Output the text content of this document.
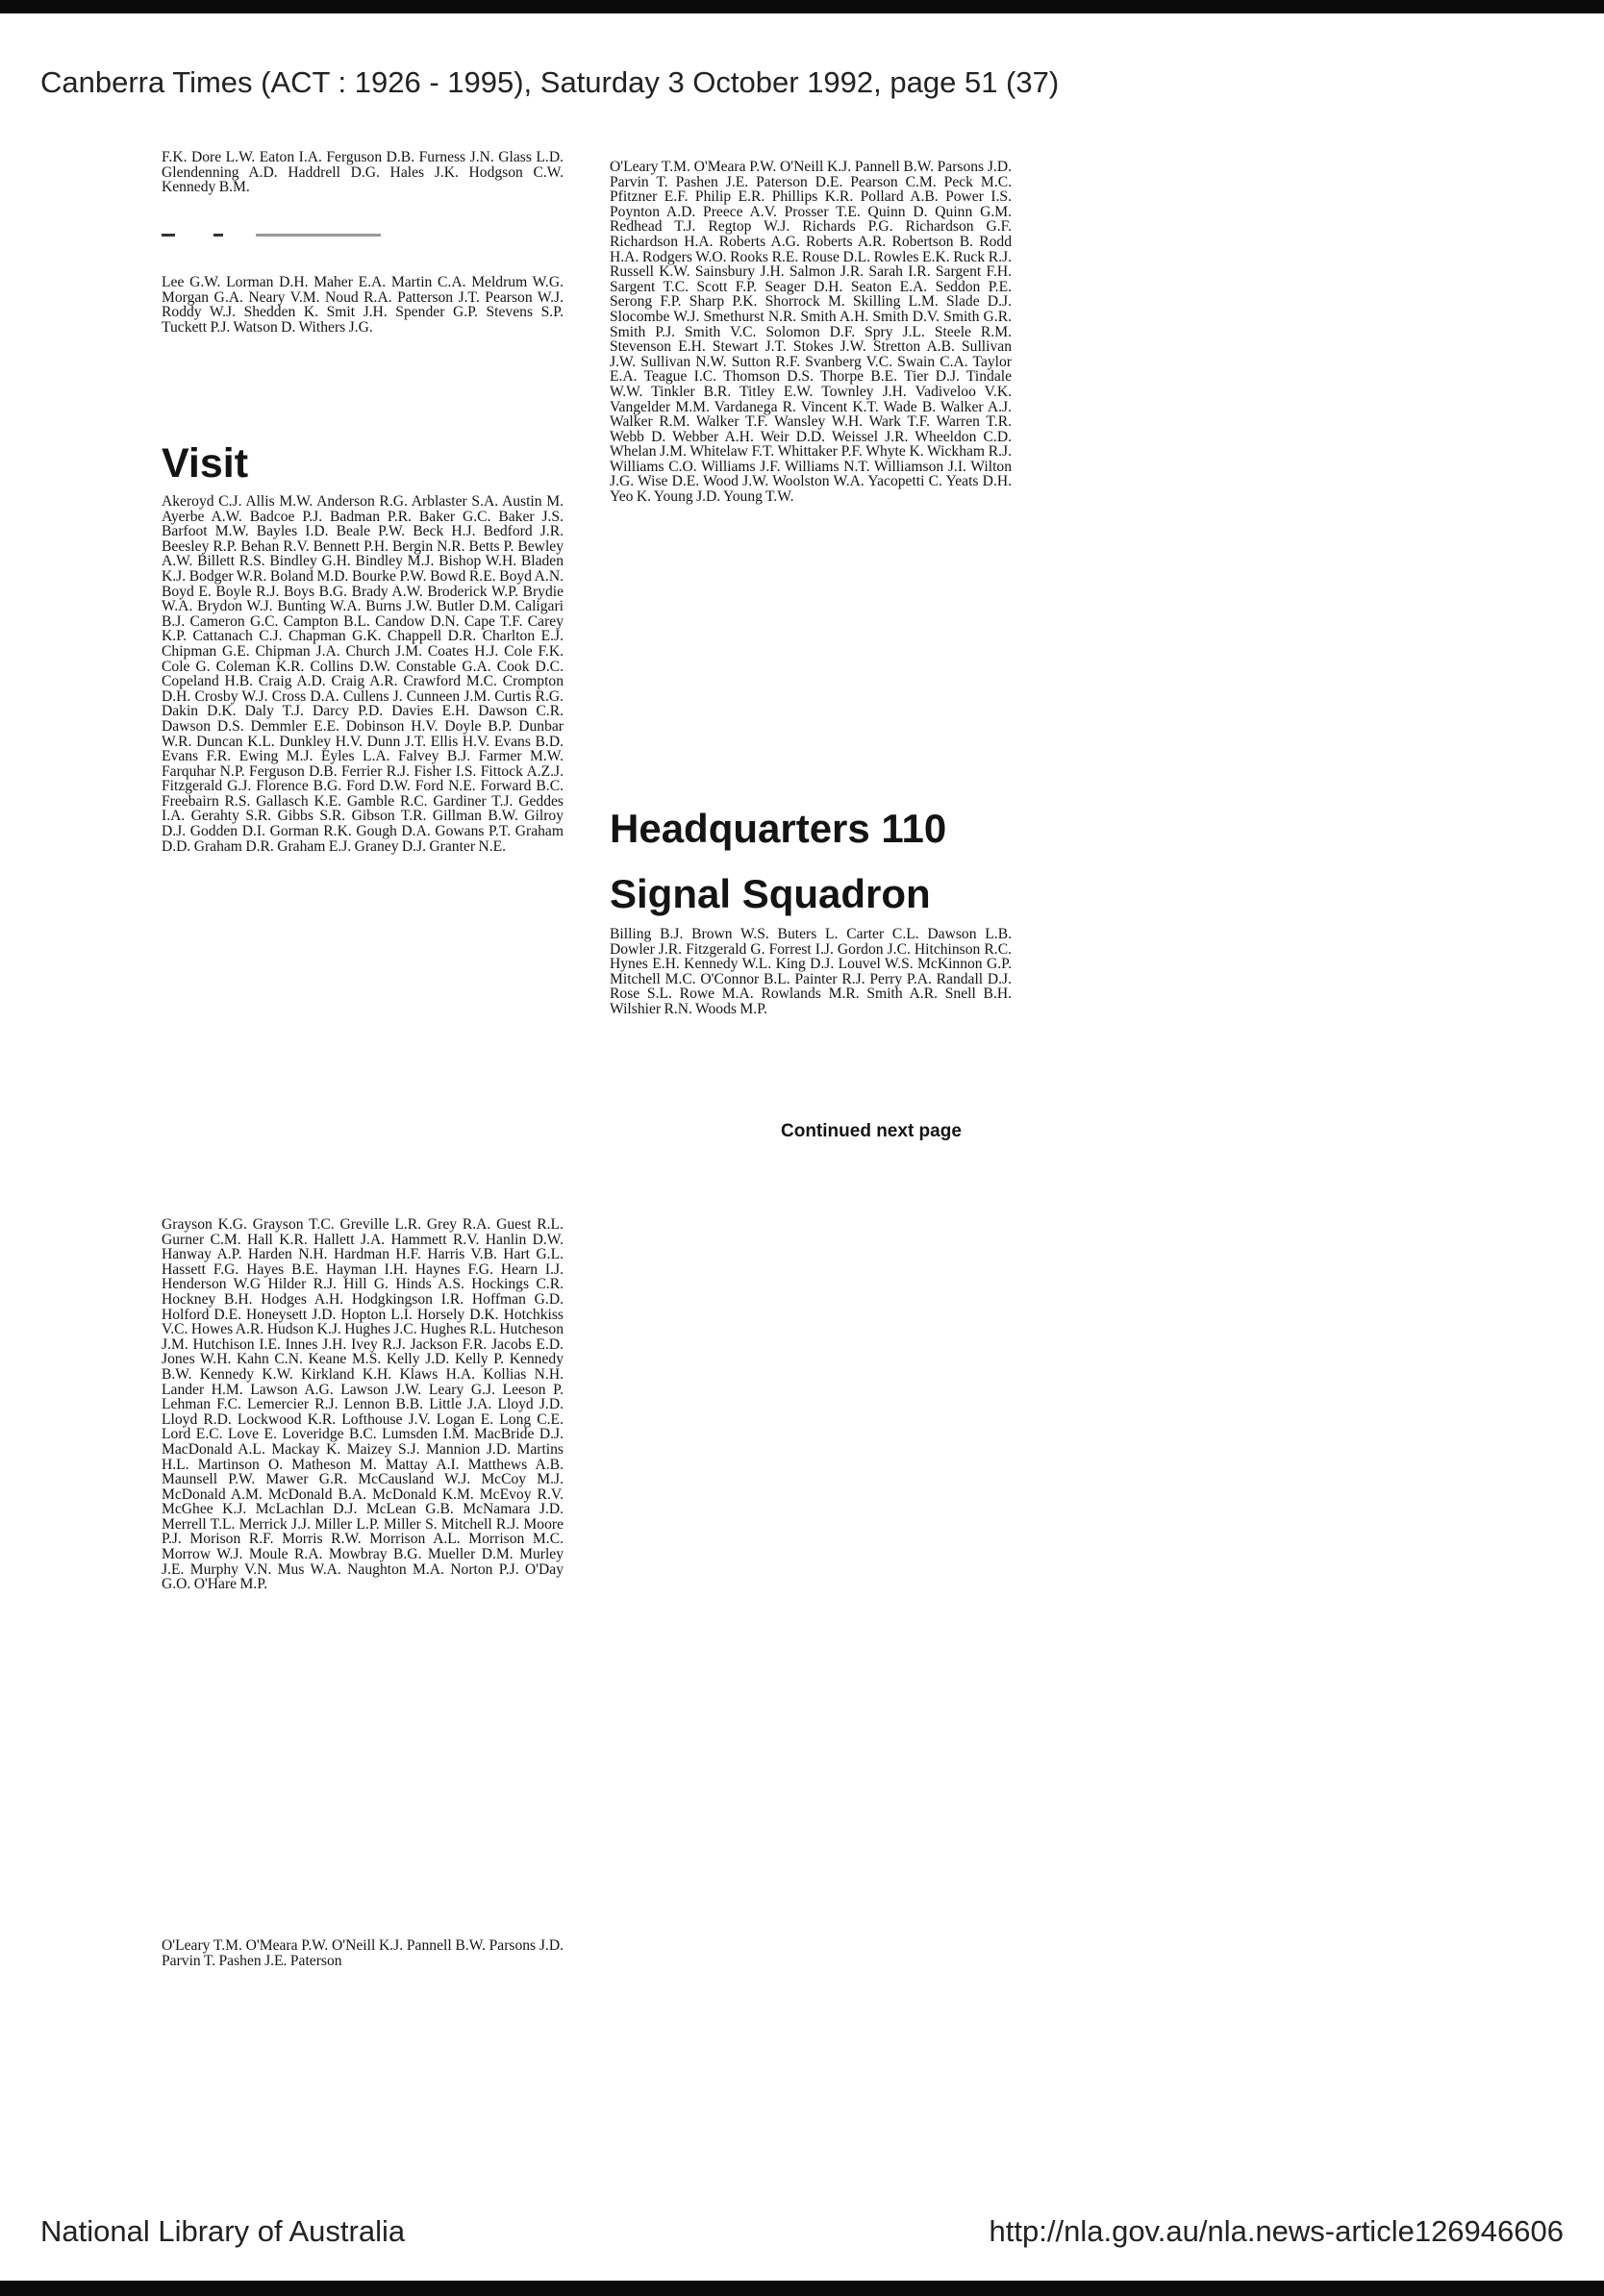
Canberra Times (ACT : 1926 - 1995), Saturday 3 October 1992, page 51 (37)
F.K. Dore L.W. Eaton I.A. Ferguson D.B. Furness J.N. Glass L.D. Glendenning A.D. Haddrell D.G. Hales J.K. Hodgson C.W. Kennedy B.M.
Lee G.W. Lorman D.H. Maher E.A. Martin C.A. Meldrum W.G. Morgan G.A. Neary V.M. Noud R.A. Patterson J.T. Pearson W.J. Roddy W.J. Shedden K. Smit J.H. Spender G.P. Stevens S.P. Tuckett P.J. Watson D. Withers J.G.
Visit
Akeroyd C.J. Allis M.W. Anderson R.G. Arblaster S.A. Austin M. Ayerbe A.W. Badcoe P.J. Badman P.R. Baker G.C. Baker J.S. Barfoot M.W. Bayles I.D. Beale P.W. Beck H.J. Bedford J.R. Beesley R.P. Behan R.V. Bennett P.H. Bergin N.R. Betts P. Bewley A.W. Billett R.S. Bindley G.H. Bindley M.J. Bishop W.H. Bladen K.J. Bodger W.R. Boland M.D. Bourke P.W. Bowd R.E. Boyd A.N. Boyd E. Boyle R.J. Boys B.G. Brady A.W. Broderick W.P. Brydie W.A. Brydon W.J. Bunting W.A. Burns J.W. Butler D.M. Caligari B.J. Cameron G.C. Campton B.L. Candow D.N. Cape T.F. Carey K.P. Cattanach C.J. Chapman G.K. Chappell D.R. Charlton E.J. Chipman G.E. Chipman J.A. Church J.M. Coates H.J. Cole F.K. Cole G. Coleman K.R. Collins D.W. Constable G.A. Cook D.C. Copeland H.B. Craig A.D. Craig A.R. Crawford M.C. Crompton D.H. Crosby W.J. Cross D.A. Cullens J. Cunneen J.M. Curtis R.G. Dakin D.K. Daly T.J. Darcy P.D. Davies E.H. Dawson C.R. Dawson D.S. Demmler E.E. Dobinson H.V. Doyle B.P. Dunbar W.R. Duncan K.L. Dunkley H.V. Dunn J.T. Ellis H.V. Evans B.D. Evans F.R. Ewing M.J. Eyles L.A. Falvey B.J. Farmer M.W. Farquhar N.P. Ferguson D.B. Ferrier R.J. Fisher I.S. Fittock A.Z.J. Fitzgerald G.J. Florence B.G. Ford D.W. Ford N.E. Forward B.C. Freebairn R.S. Gallasch K.E. Gamble R.C. Gardiner T.J. Geddes I.A. Gerahty S.R. Gibbs S.R. Gibson T.R. Gillman B.W. Gilroy D.J. Godden D.I. Gorman R.K. Gough D.A. Gowans P.T. Graham D.D. Graham D.R. Graham E.J. Graney D.J. Granter N.E.
Grayson K.G. Grayson T.C. Greville L.R. Grey R.A. Guest R.L. Gurner C.M. Hall K.R. Hallett J.A. Hammett R.V. Hanlin D.W. Hanway A.P. Harden N.H. Hardman H.F. Harris V.B. Hart G.L. Hassett F.G. Hayes B.E. Hayman I.H. Haynes F.G. Hearn I.J. Henderson W.G Hilder R.J. Hill G. Hinds A.S. Hockings C.R. Hockney B.H. Hodges A.H. Hodgkingson I.R. Hoffman G.D. Holford D.E. Honeysett J.D. Hopton L.I. Horsely D.K. Hotchkiss V.C. Howes A.R. Hudson K.J. Hughes J.C. Hughes R.L. Hutcheson J.M. Hutchison I.E. Innes J.H. Ivey R.J. Jackson F.R. Jacobs E.D. Jones W.H. Kahn C.N. Keane M.S. Kelly J.D. Kelly P. Kennedy B.W. Kennedy K.W. Kirkland K.H. Klaws H.A. Kollias N.H. Lander H.M. Lawson A.G. Lawson J.W. Leary G.J. Leeson P. Lehman F.C. Lemercier R.J. Lennon B.B. Little J.A. Lloyd J.D. Lloyd R.D. Lockwood K.R. Lofthouse J.V. Logan E. Long C.E. Lord E.C. Love E. Loveridge B.C. Lumsden I.M. MacBride D.J. MacDonald A.L. Mackay K. Maizey S.J. Mannion J.D. Martins H.L. Martinson O. Matheson M. Mattay A.I. Matthews A.B. Maunsell P.W. Mawer G.R. McCausland W.J. McCoy M.J. McDonald A.M. McDonald B.A. McDonald K.M. McEvoy R.V. McGhee K.J. McLachlan D.J. McLean G.B. McNamara J.D. Merrell T.L. Merrick J.J. Miller L.P. Miller S. Mitchell R.J. Moore P.J. Morison R.F. Morris R.W. Morrison A.L. Morrison M.C. Morrow W.J. Moule R.A. Mowbray B.G. Mueller D.M. Murley J.E. Murphy V.N. Mus W.A. Naughton M.A. Norton P.J. O'Day G.O. O'Hare M.P.
O'Leary T.M. O'Meara P.W. O'Neill K.J. Pannell B.W. Parsons J.D. Parvin T. Pashen J.E. Paterson
O'Leary T.M. O'Meara P.W. O'Neill K.J. Pannell B.W. Parsons J.D. Parvin T. Pashen J.E. Paterson D.E. Pearson C.M. Peck M.C. Pfitzner E.F. Philip E.R. Phillips K.R. Pollard A.B. Power I.S. Poynton A.D. Preece A.V. Prosser T.E. Quinn D. Quinn G.M. Redhead T.J. Regtop W.J. Richards P.G. Richardson G.F. Richardson H.A. Roberts A.G. Roberts A.R. Robertson B. Rodd H.A. Rodgers W.O. Rooks R.E. Rouse D.L. Rowles E.K. Ruck R.J. Russell K.W. Sainsbury J.H. Salmon J.R. Sarah I.R. Sargent F.H. Sargent T.C. Scott F.P. Seager D.H. Seaton E.A. Seddon P.E. Serong F.P. Sharp P.K. Shorrock M. Skilling L.M. Slade D.J. Slocombe W.J. Smethurst N.R. Smith A.H. Smith D.V. Smith G.R. Smith P.J. Smith V.C. Solomon D.F. Spry J.L. Steele R.M. Stevenson E.H. Stewart J.T. Stokes J.W. Stretton A.B. Sullivan J.W. Sullivan N.W. Sutton R.F. Svanberg V.C. Swain C.A. Taylor E.A. Teague I.C. Thomson D.S. Thorpe B.E. Tier D.J. Tindale W.W. Tinkler B.R. Titley E.W. Townley J.H. Vadiveloo V.K. Vangelder M.M. Vardanega R. Vincent K.T. Wade B. Walker A.J. Walker R.M. Walker T.F. Wansley W.H. Wark T.F. Warren T.R. Webb D. Webber A.H. Weir D.D. Weissel J.R. Wheeldon C.D. Whelan J.M. Whitelaw F.T. Whittaker P.F. Whyte K. Wickham R.J. Williams C.O. Williams J.F. Williams N.T. Williamson J.I. Wilton J.G. Wise D.E. Wood J.W. Woolston W.A. Yacopetti C. Yeats D.H. Yeo K. Young J.D. Young T.W.
Headquarters 110 Signal Squadron
Billing B.J. Brown W.S. Buters L. Carter C.L. Dawson L.B. Dowler J.R. Fitzgerald G. Forrest I.J. Gordon J.C. Hitchinson R.C. Hynes E.H. Kennedy W.L. King D.J. Louvel W.S. McKinnon G.P. Mitchell M.C. O'Connor B.L. Painter R.J. Perry P.A. Randall D.J. Rose S.L. Rowe M.A. Rowlands M.R. Smith A.R. Snell B.H. Wilshier R.N. Woods M.P.
Continued next page
National Library of Australia	http://nla.gov.au/nla.news-article126946606
